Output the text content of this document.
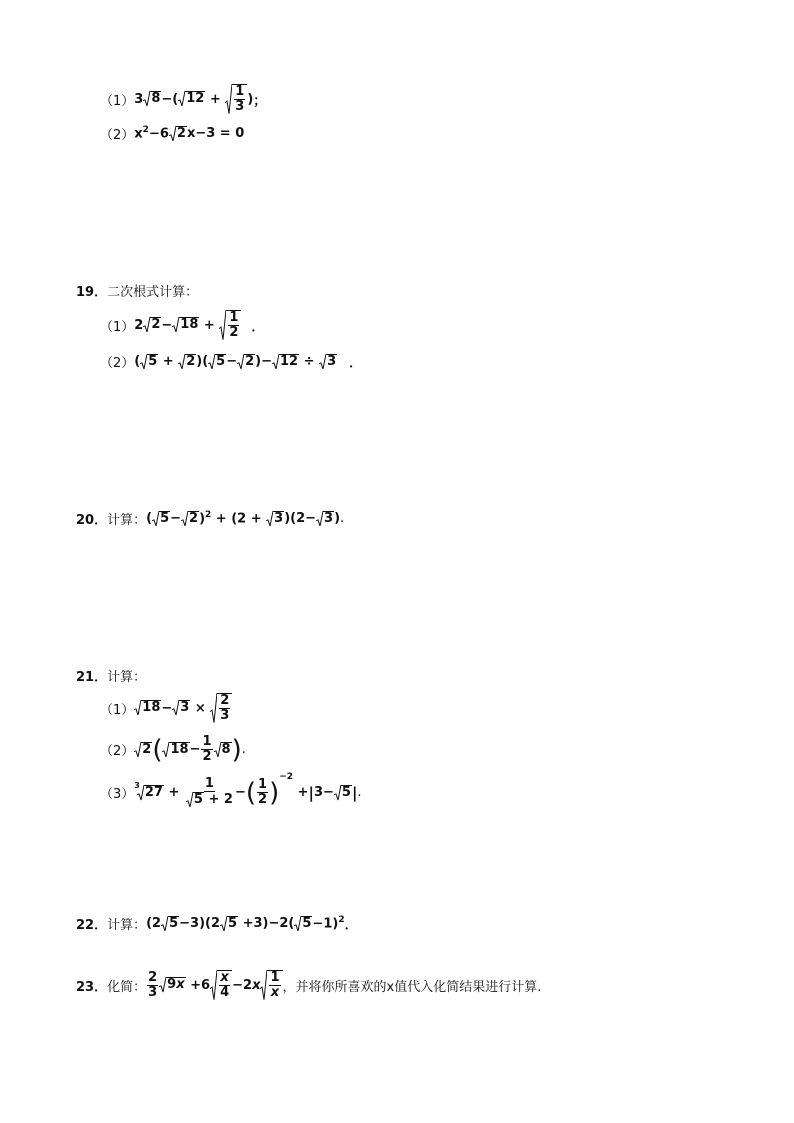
（1） 3 8 −( $12 + \frac{1}{3}$ ) ；
（2） $x^2-6$ 2 x−3 = 0
19． 二次根式计算：
（1） 2 $2 - 18 + \frac{1}{2}$ ．
（2） ( 5 + 2 )( 5 − 2 )− 12 ÷ 3 ．
20． 计算： ( 5 − 2 )$^2$ + (2 + 3 )(2− 3 ) .
21． 计算：
（1） $18 - 3 \times \frac{2}{3}$
（2） 2 ( $18 - \frac{1}{2} 8$ ) .
（3）
3 $27 + \frac{1}{5 + 2}$ − ( $\frac{1}{2}$ )
$^{-2}$
+ | 3− 5 | .
22． 计算： (2 5 −3)(2 5 +3)−2( 5 −1)$^2$ ．
23． 化简： $\frac{2}{3} 9$ $x +6 \frac{x}{4} -2x \frac{1}{x}$ ，并将你所喜欢的x值代入化简结果进行计算.
